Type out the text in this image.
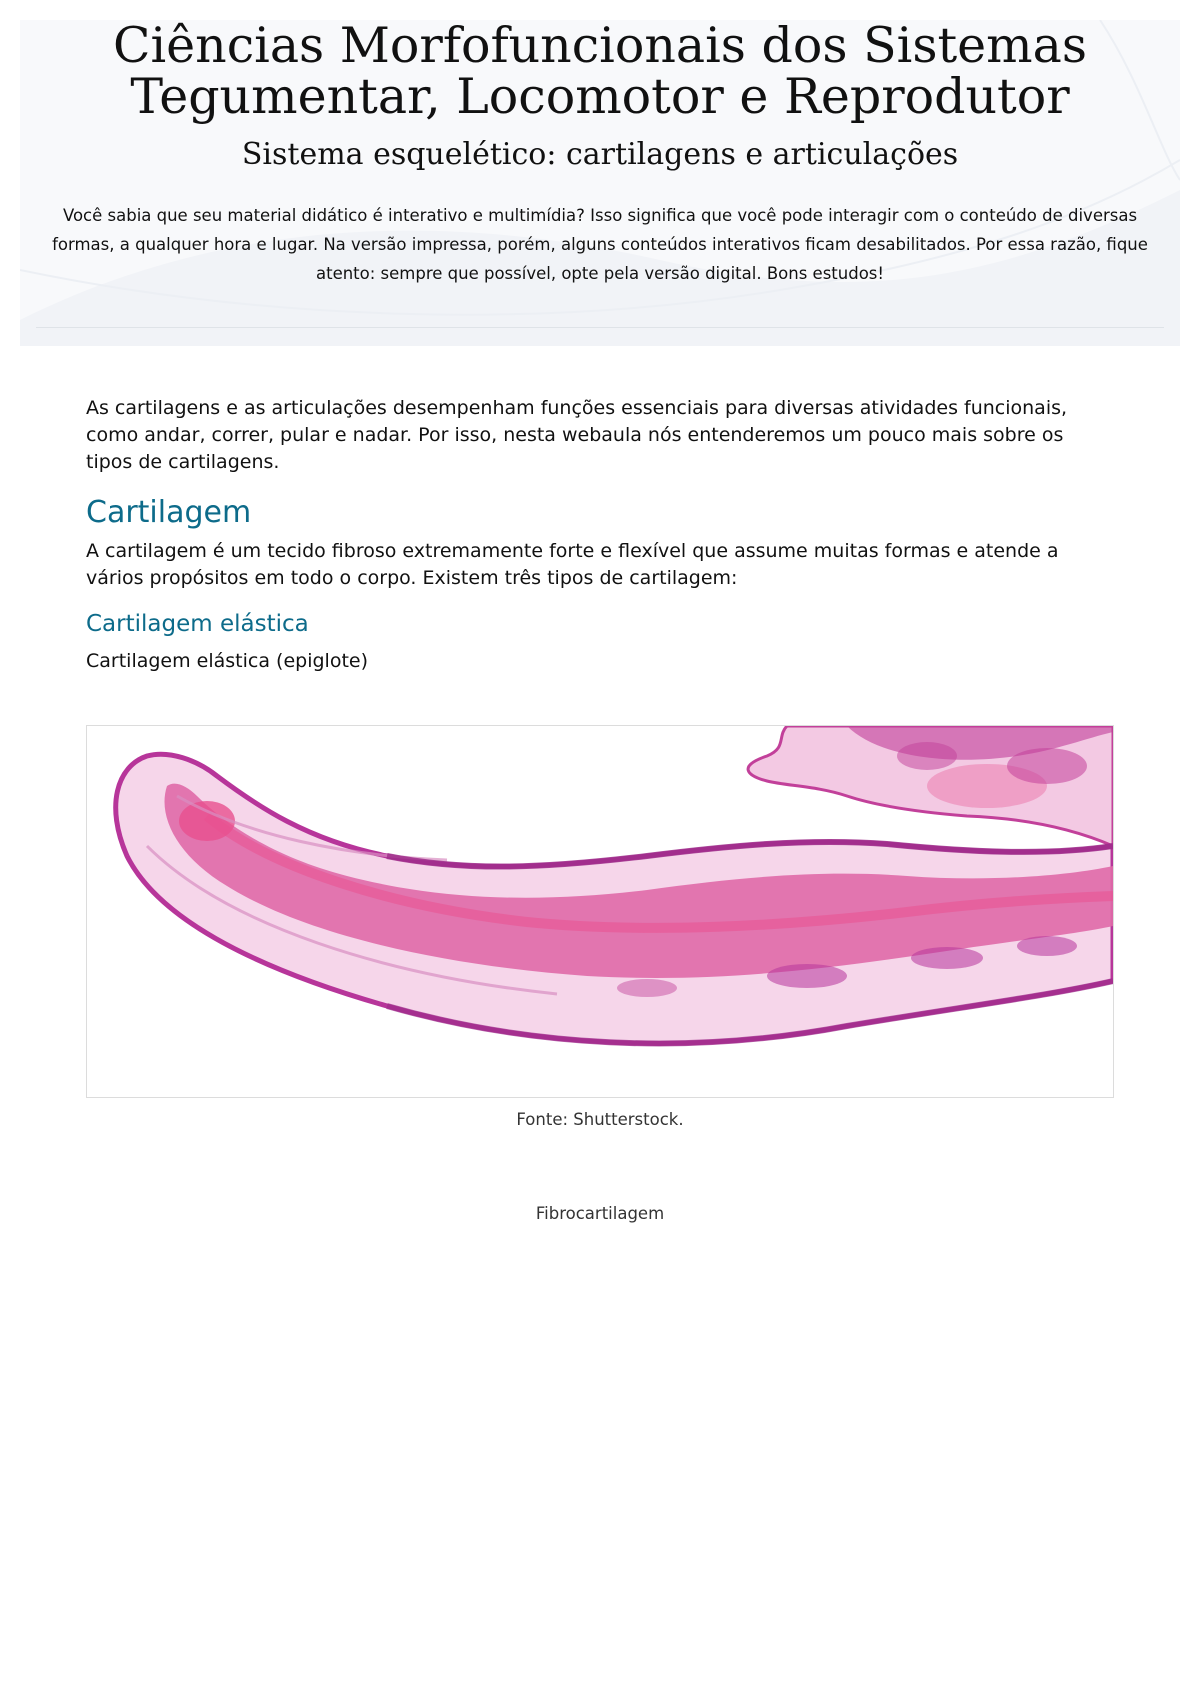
Ciências Morfofuncionais dos Sistemas
Tegumentar, Locomotor e Reprodutor
Sistema esquelético: cartilagens e articulações

Você sabia que seu material didático é interativo e multimídia? Isso significa que você pode interagir com o conteúdo de diversas formas, a qualquer hora e lugar. Na versão impressa, porém, alguns conteúdos interativos ficam desabilitados. Por essa razão, fique atento: sempre que possível, opte pela versão digital. Bons estudos!

As cartilagens e as articulações desempenham funções essenciais para diversas atividades funcionais, como andar, correr, pular e nadar. Por isso, nesta webaula nós entenderemos um pouco mais sobre os tipos de cartilagens.

Cartilagem

A cartilagem é um tecido fibroso extremamente forte e flexível que assume muitas formas e atende a vários propósitos em todo o corpo. Existem três tipos de cartilagem:

Cartilagem elástica

Cartilagem elástica (epiglote)

Fonte: Shutterstock.

Fibrocartilagem
